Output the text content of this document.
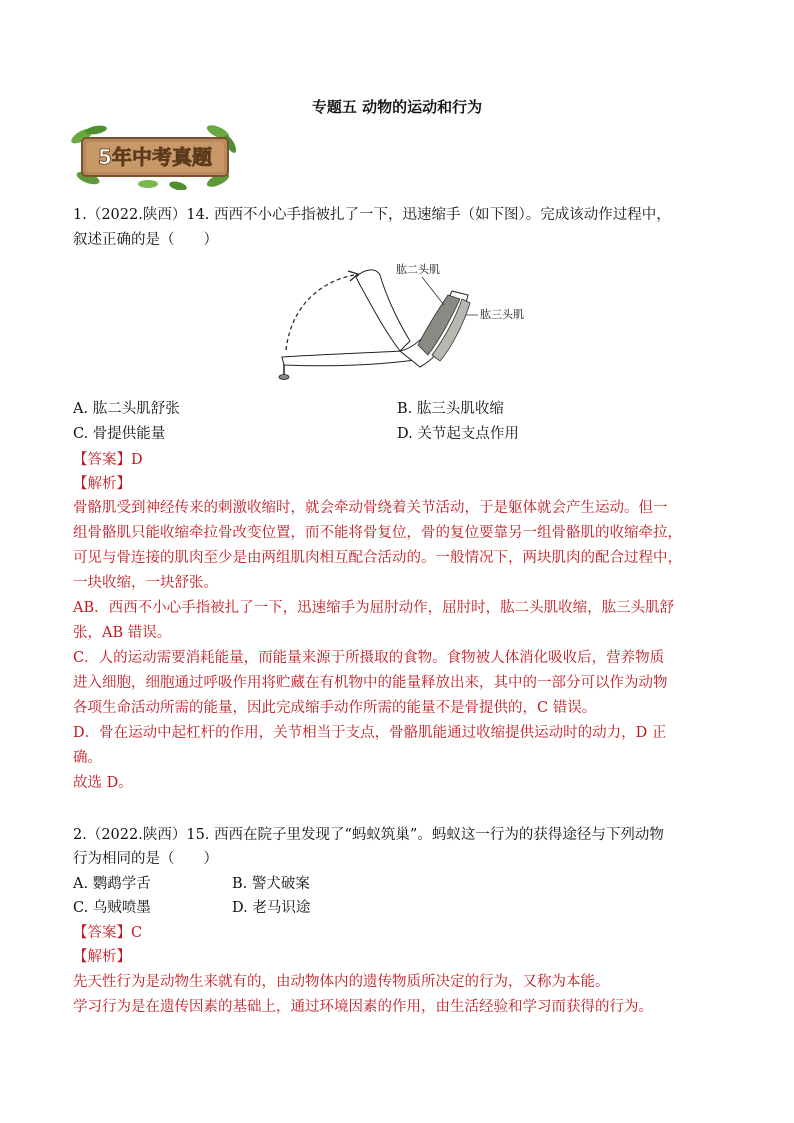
专题五 动物的运动和行为
5年中考真题
1.（2022.陕西）14. 西西不小心手指被扎了一下，迅速缩手（如下图）。完成该动作过程中，
叙述正确的是（　　）
肱二头肌
肱三头肌
A. 肱二头肌舒张	B. 肱三头肌收缩
C. 骨提供能量	D. 关节起支点作用
【答案】D
【解析】
骨骼肌受到神经传来的刺激收缩时，就会牵动骨绕着关节活动，于是躯体就会产生运动。但一
组骨骼肌只能收缩牵拉骨改变位置，而不能将骨复位，骨的复位要靠另一组骨骼肌的收缩牵拉，
可见与骨连接的肌肉至少是由两组肌肉相互配合活动的。一般情况下，两块肌肉的配合过程中，
一块收缩，一块舒张。
AB．西西不小心手指被扎了一下，迅速缩手为屈肘动作，屈肘时，肱二头肌收缩，肱三头肌舒
张，AB 错误。
C．人的运动需要消耗能量，而能量来源于所摄取的食物。食物被人体消化吸收后，营养物质
进入细胞，细胞通过呼吸作用将贮藏在有机物中的能量释放出来，其中的一部分可以作为动物
各项生命活动所需的能量，因此完成缩手动作所需的能量不是骨提供的，C 错误。
D．骨在运动中起杠杆的作用，关节相当于支点，骨骼肌能通过收缩提供运动时的动力，D 正
确。
故选 D。
2.（2022.陕西）15. 西西在院子里发现了“蚂蚁筑巢”。蚂蚁这一行为的获得途径与下列动物
行为相同的是（　　）
A. 鹦鹉学舌	B. 警犬破案
C. 乌贼喷墨	D. 老马识途
【答案】C
【解析】
先天性行为是动物生来就有的，由动物体内的遗传物质所决定的行为，又称为本能。
学习行为是在遗传因素的基础上，通过环境因素的作用，由生活经验和学习而获得的行为。
